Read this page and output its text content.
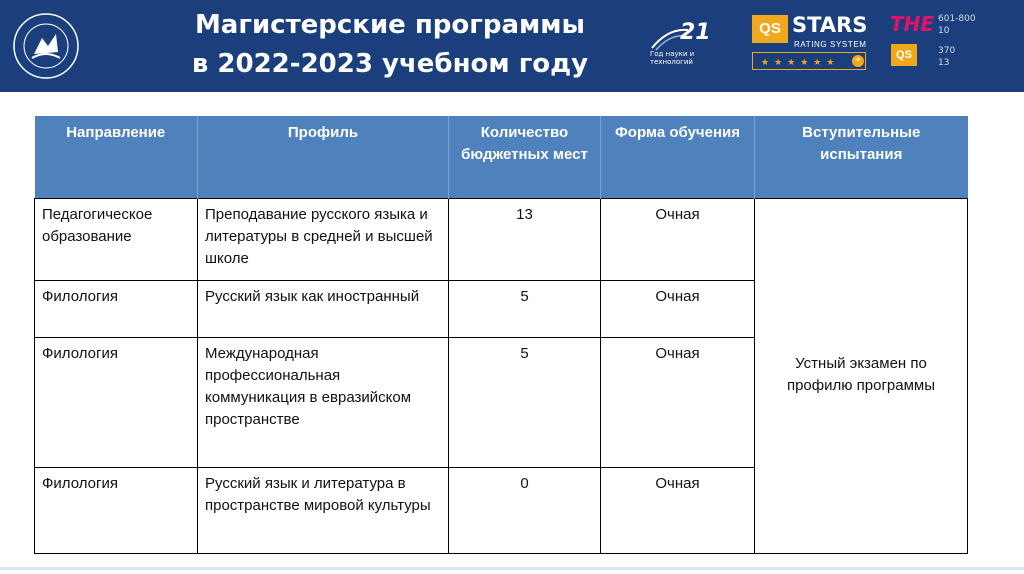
Магистерские программы
в 2022-2023 учебном году
21
Год науки и технологий
QS STARS
RATING SYSTEM
★★★★★★	+
THE 601-800
10
QS	370
13
Направление	Профиль	Количество бюджетных мест	Форма обучения	Вступительные испытания
Педагогическое образование	Преподавание русского языка и литературы в средней и высшей школе	13	Очная	Устный экзамен по профилю программы
Филология	Русский язык как иностранный	5	Очная	
Филология	Международная профессиональная коммуникация в евразийском пространстве	5	Очная	
Филология	Русский язык и литература в пространстве мировой культуры	0	Очная	
